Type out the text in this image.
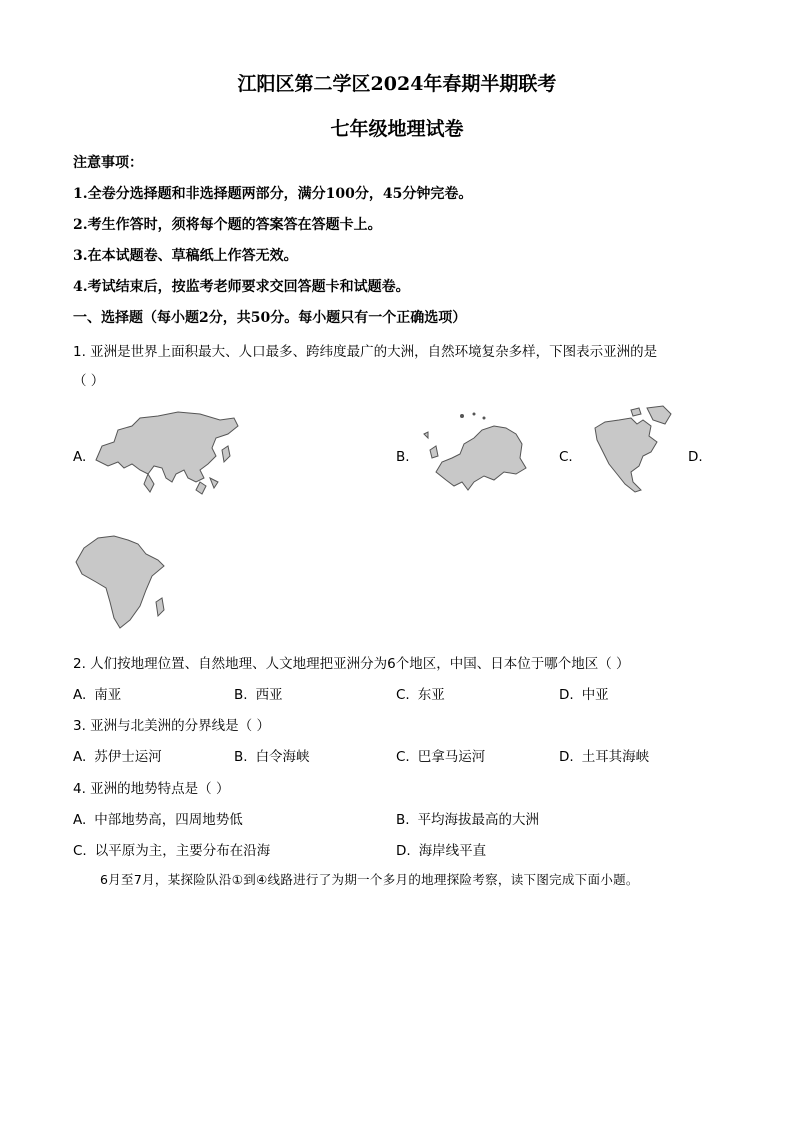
江阳区第二学区2024年春期半期联考
七年级地理试卷
注意事项：
1.全卷分选择题和非选择题两部分，满分100分，45分钟完卷。
2.考生作答时，须将每个题的答案答在答题卡上。
3.在本试题卷、草稿纸上作答无效。
4.考试结束后，按监考老师要求交回答题卡和试题卷。
一、选择题（每小题2分，共50分。每小题只有一个正确选项）
1. 亚洲是世界上面积最大、人口最多、跨纬度最广的大洲，自然环境复杂多样，下图表示亚洲的是
（ ）
A.	B.	C.	D.
2. 人们按地理位置、自然地理、人文地理把亚洲分为6个地区，中国、日本位于哪个地区（ ）
A. 南亚	B. 西亚	C. 东亚	D. 中亚
3. 亚洲与北美洲的分界线是（ ）
A. 苏伊士运河	B. 白令海峡	C. 巴拿马运河	D. 土耳其海峡
4. 亚洲的地势特点是（ ）
A. 中部地势高，四周地势低	B. 平均海拔最高的大洲
C. 以平原为主，主要分布在沿海	D. 海岸线平直
6月至7月，某探险队沿①到④线路进行了为期一个多月的地理探险考察，读下图完成下面小题。
